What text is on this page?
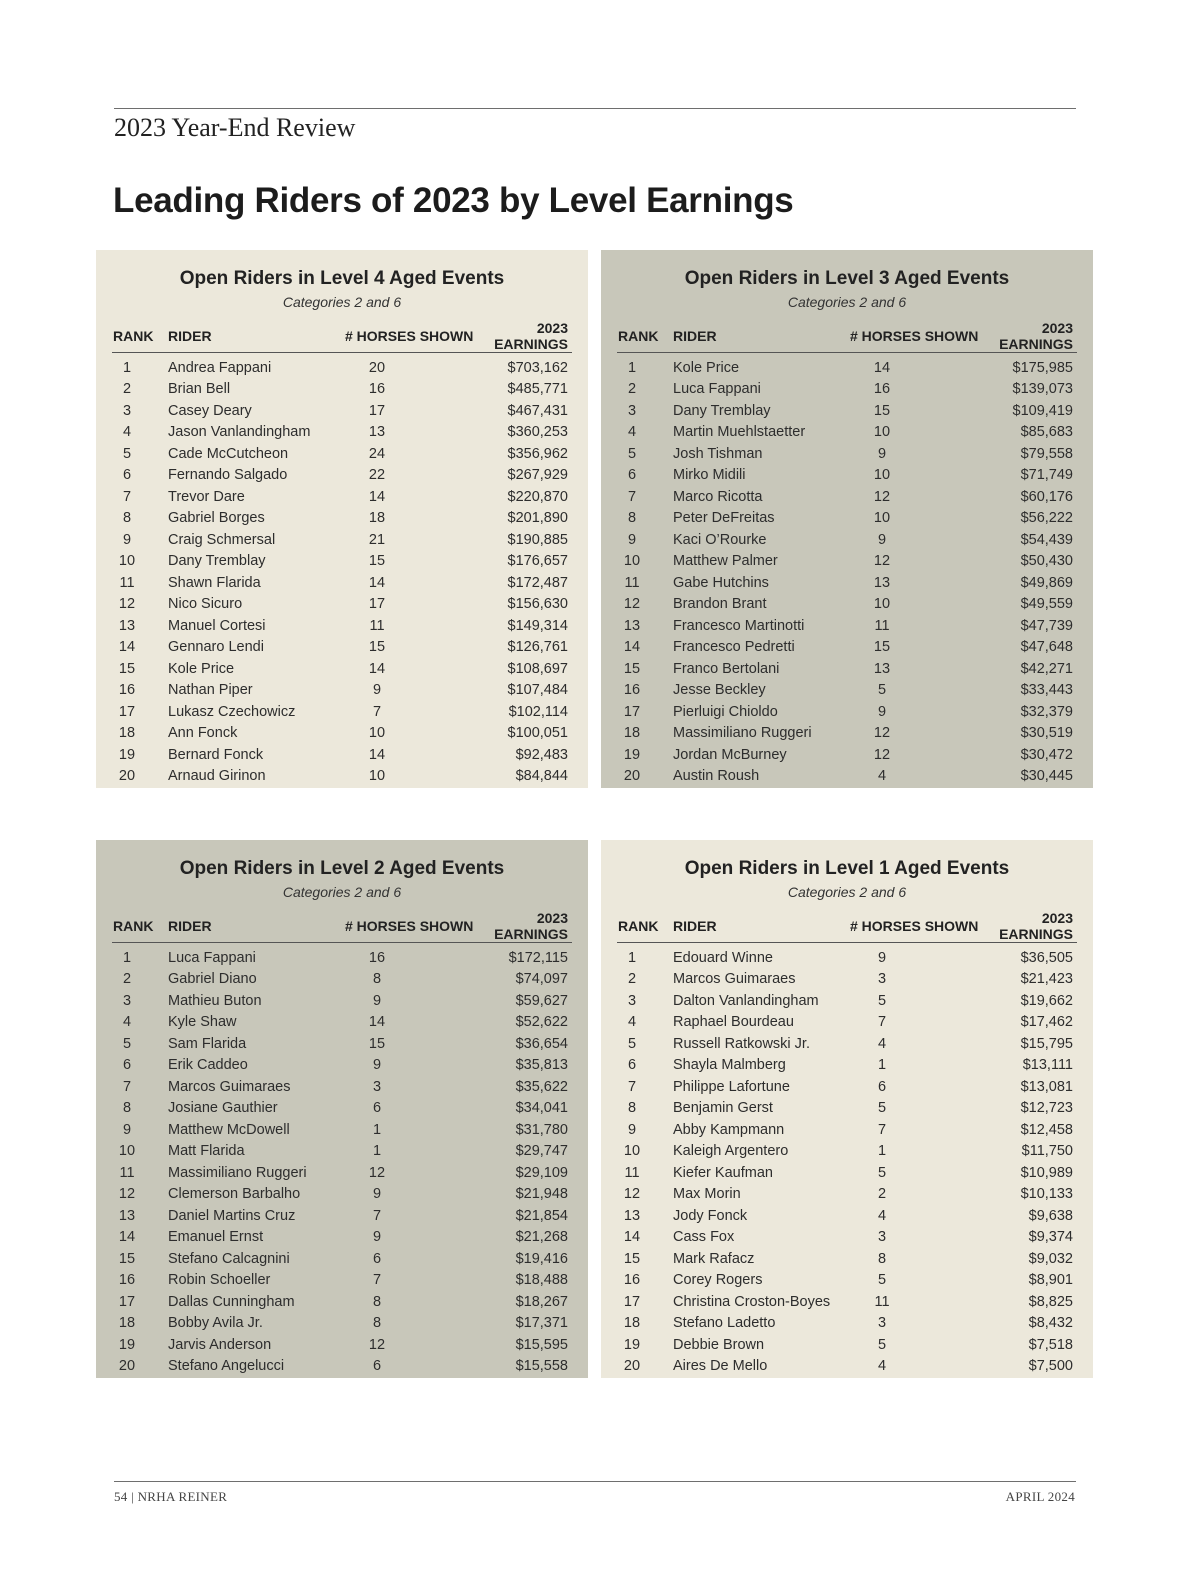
2023 Year-End Review
Leading Riders of 2023 by Level Earnings
Open Riders in Level 4 Aged Events
Categories 2 and 6
RANK	RIDER	# HORSES SHOWN	2023 EARNINGS
1	Andrea Fappani	20	$703,162
2	Brian Bell	16	$485,771
3	Casey Deary	17	$467,431
4	Jason Vanlandingham	13	$360,253
5	Cade McCutcheon	24	$356,962
6	Fernando Salgado	22	$267,929
7	Trevor Dare	14	$220,870
8	Gabriel Borges	18	$201,890
9	Craig Schmersal	21	$190,885
10	Dany Tremblay	15	$176,657
11	Shawn Flarida	14	$172,487
12	Nico Sicuro	17	$156,630
13	Manuel Cortesi	11	$149,314
14	Gennaro Lendi	15	$126,761
15	Kole Price	14	$108,697
16	Nathan Piper	9	$107,484
17	Lukasz Czechowicz	7	$102,114
18	Ann Fonck	10	$100,051
19	Bernard Fonck	14	$92,483
20	Arnaud Girinon	10	$84,844
Open Riders in Level 3 Aged Events
Categories 2 and 6
RANK	RIDER	# HORSES SHOWN	2023 EARNINGS
1	Kole Price	14	$175,985
2	Luca Fappani	16	$139,073
3	Dany Tremblay	15	$109,419
4	Martin Muehlstaetter	10	$85,683
5	Josh Tishman	9	$79,558
6	Mirko Midili	10	$71,749
7	Marco Ricotta	12	$60,176
8	Peter DeFreitas	10	$56,222
9	Kaci O’Rourke	9	$54,439
10	Matthew Palmer	12	$50,430
11	Gabe Hutchins	13	$49,869
12	Brandon Brant	10	$49,559
13	Francesco Martinotti	11	$47,739
14	Francesco Pedretti	15	$47,648
15	Franco Bertolani	13	$42,271
16	Jesse Beckley	5	$33,443
17	Pierluigi Chioldo	9	$32,379
18	Massimiliano Ruggeri	12	$30,519
19	Jordan McBurney	12	$30,472
20	Austin Roush	4	$30,445
Open Riders in Level 2 Aged Events
Categories 2 and 6
RANK	RIDER	# HORSES SHOWN	2023 EARNINGS
1	Luca Fappani	16	$172,115
2	Gabriel Diano	8	$74,097
3	Mathieu Buton	9	$59,627
4	Kyle Shaw	14	$52,622
5	Sam Flarida	15	$36,654
6	Erik Caddeo	9	$35,813
7	Marcos Guimaraes	3	$35,622
8	Josiane Gauthier	6	$34,041
9	Matthew McDowell	1	$31,780
10	Matt Flarida	1	$29,747
11	Massimiliano Ruggeri	12	$29,109
12	Clemerson Barbalho	9	$21,948
13	Daniel Martins Cruz	7	$21,854
14	Emanuel Ernst	9	$21,268
15	Stefano Calcagnini	6	$19,416
16	Robin Schoeller	7	$18,488
17	Dallas Cunningham	8	$18,267
18	Bobby Avila Jr.	8	$17,371
19	Jarvis Anderson	12	$15,595
20	Stefano Angelucci	6	$15,558
Open Riders in Level 1 Aged Events
Categories 2 and 6
RANK	RIDER	# HORSES SHOWN	2023 EARNINGS
1	Edouard Winne	9	$36,505
2	Marcos Guimaraes	3	$21,423
3	Dalton Vanlandingham	5	$19,662
4	Raphael Bourdeau	7	$17,462
5	Russell Ratkowski Jr.	4	$15,795
6	Shayla Malmberg	1	$13,111
7	Philippe Lafortune	6	$13,081
8	Benjamin Gerst	5	$12,723
9	Abby Kampmann	7	$12,458
10	Kaleigh Argentero	1	$11,750
11	Kiefer Kaufman	5	$10,989
12	Max Morin	2	$10,133
13	Jody Fonck	4	$9,638
14	Cass Fox	3	$9,374
15	Mark Rafacz	8	$9,032
16	Corey Rogers	5	$8,901
17	Christina Croston-Boyes	11	$8,825
18	Stefano Ladetto	3	$8,432
19	Debbie Brown	5	$7,518
20	Aires De Mello	4	$7,500
54 | NRHA REINER	APRIL 2024
